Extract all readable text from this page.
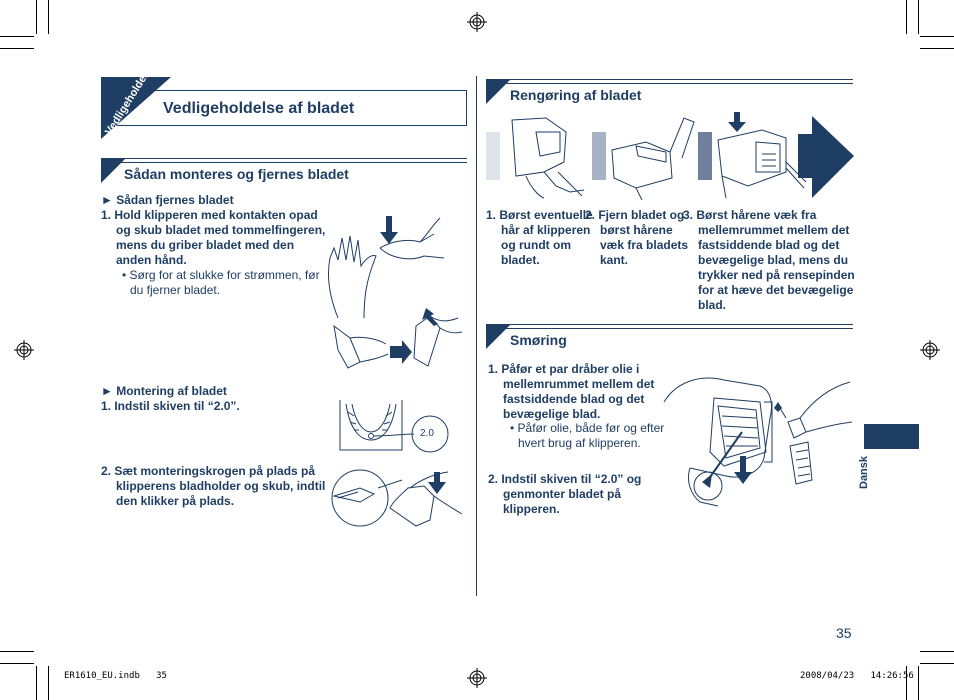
Vedligeholdelse Vedligeholdelse af bladet
Sådan monteres og fjernes bladet
► Sådan fjernes bladet
1. Hold klipperen med kontakten opad og skub bladet med tommelfingeren, mens du griber bladet med den anden hånd.
• Sørg for at slukke for strømmen, før du fjerner bladet.
► Montering af bladet
1. Indstil skiven til “2.0”.
2. Sæt monteringskrogen på plads på klipperens bladholder og skub, indtil den klikker på plads.
2.0
Rengøring af bladet
1. Børst eventuelle hår af klipperen og rundt om bladet.
2. Fjern bladet og børst hårene væk fra bladets kant.
3. Børst hårene væk fra mellemrummet mellem det fastsiddende blad og det bevægelige blad, mens du trykker ned på rensepinden for at hæve det bevægelige blad.
Smøring
1. Påfør et par dråber olie i mellemrummet mellem det fastsiddende blad og det bevægelige blad.
• Påfør olie, både før og efter hvert brug af klipperen.
2. Indstil skiven til “2.0” og genmonter bladet på klipperen.
Dansk
35
ER1610_EU.indb   35	2008/04/23   14:26:56
